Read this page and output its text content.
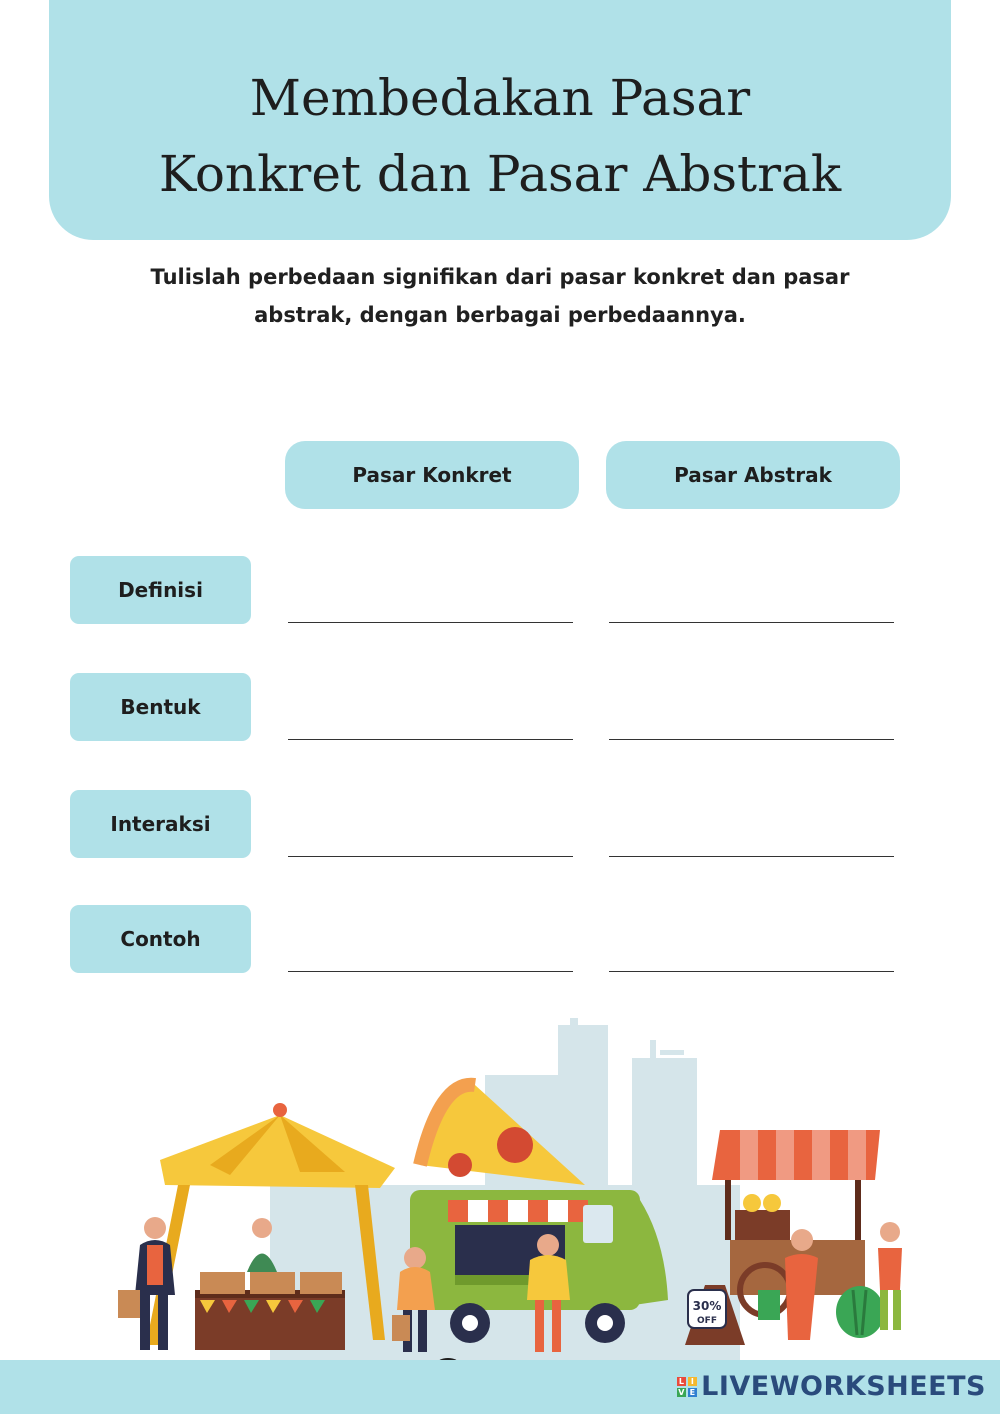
Membedakan Pasar
Konkret dan Pasar Abstrak

Tulislah perbedaan signifikan dari pasar konkret dan pasar
abstrak, dengan berbagai perbedaannya.

Pasar Konkret	Pasar Abstrak
Definisi
Bentuk
Interaksi
Contoh
30%
OFF
L I
V E LIVEWORKSHEETS
